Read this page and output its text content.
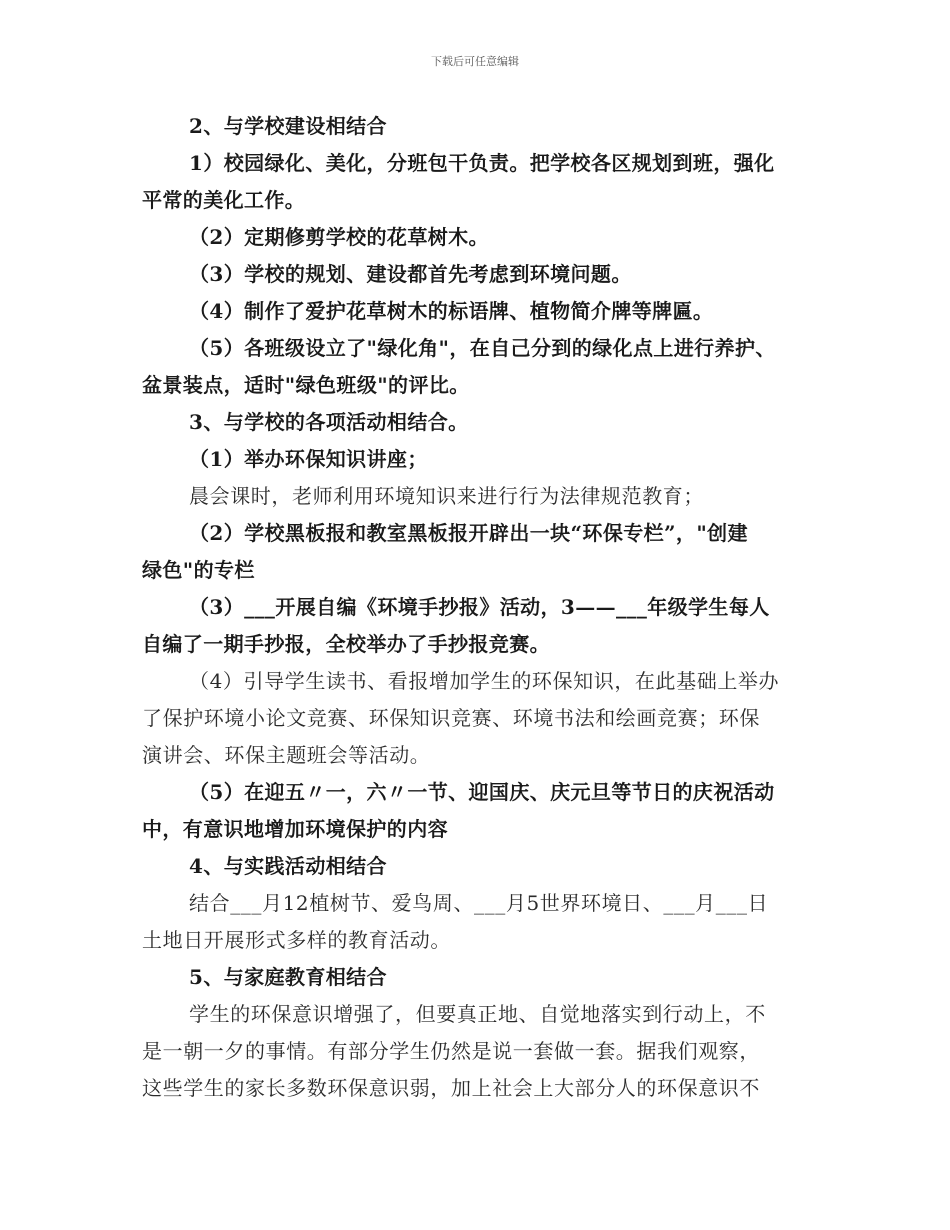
下载后可任意编辑
2、与学校建设相结合
1）校园绿化、美化，分班包干负责。把学校各区规划到班，强化
平常的美化工作。
（2）定期修剪学校的花草树木。
（3）学校的规划、建设都首先考虑到环境问题。
（4）制作了爱护花草树木的标语牌、植物简介牌等牌匾。
（5）各班级设立了"绿化角"，在自己分到的绿化点上进行养护、
盆景装点，适时"绿色班级"的评比。
3、与学校的各项活动相结合。
（1）举办环保知识讲座；
晨会课时，老师利用环境知识来进行行为法律规范教育；
（2）学校黑板报和教室黑板报开辟出一块“环保专栏”，"创建
绿色"的专栏
（3）___开展自编《环境手抄报》活动，3——___年级学生每人
自编了一期手抄报，全校举办了手抄报竞赛。
（4）引导学生读书、看报增加学生的环保知识，在此基础上举办
了保护环境小论文竞赛、环保知识竞赛、环境书法和绘画竞赛；环保
演讲会、环保主题班会等活动。
（5）在迎五〃一，六〃一节、迎国庆、庆元旦等节日的庆祝活动
中，有意识地增加环境保护的内容
4、与实践活动相结合
结合___月12植树节、爱鸟周、___月5世界环境日、___月___日
土地日开展形式多样的教育活动。
5、与家庭教育相结合
学生的环保意识增强了，但要真正地、自觉地落实到行动上，不
是一朝一夕的事情。有部分学生仍然是说一套做一套。据我们观察，
这些学生的家长多数环保意识弱，加上社会上大部分人的环保意识不
